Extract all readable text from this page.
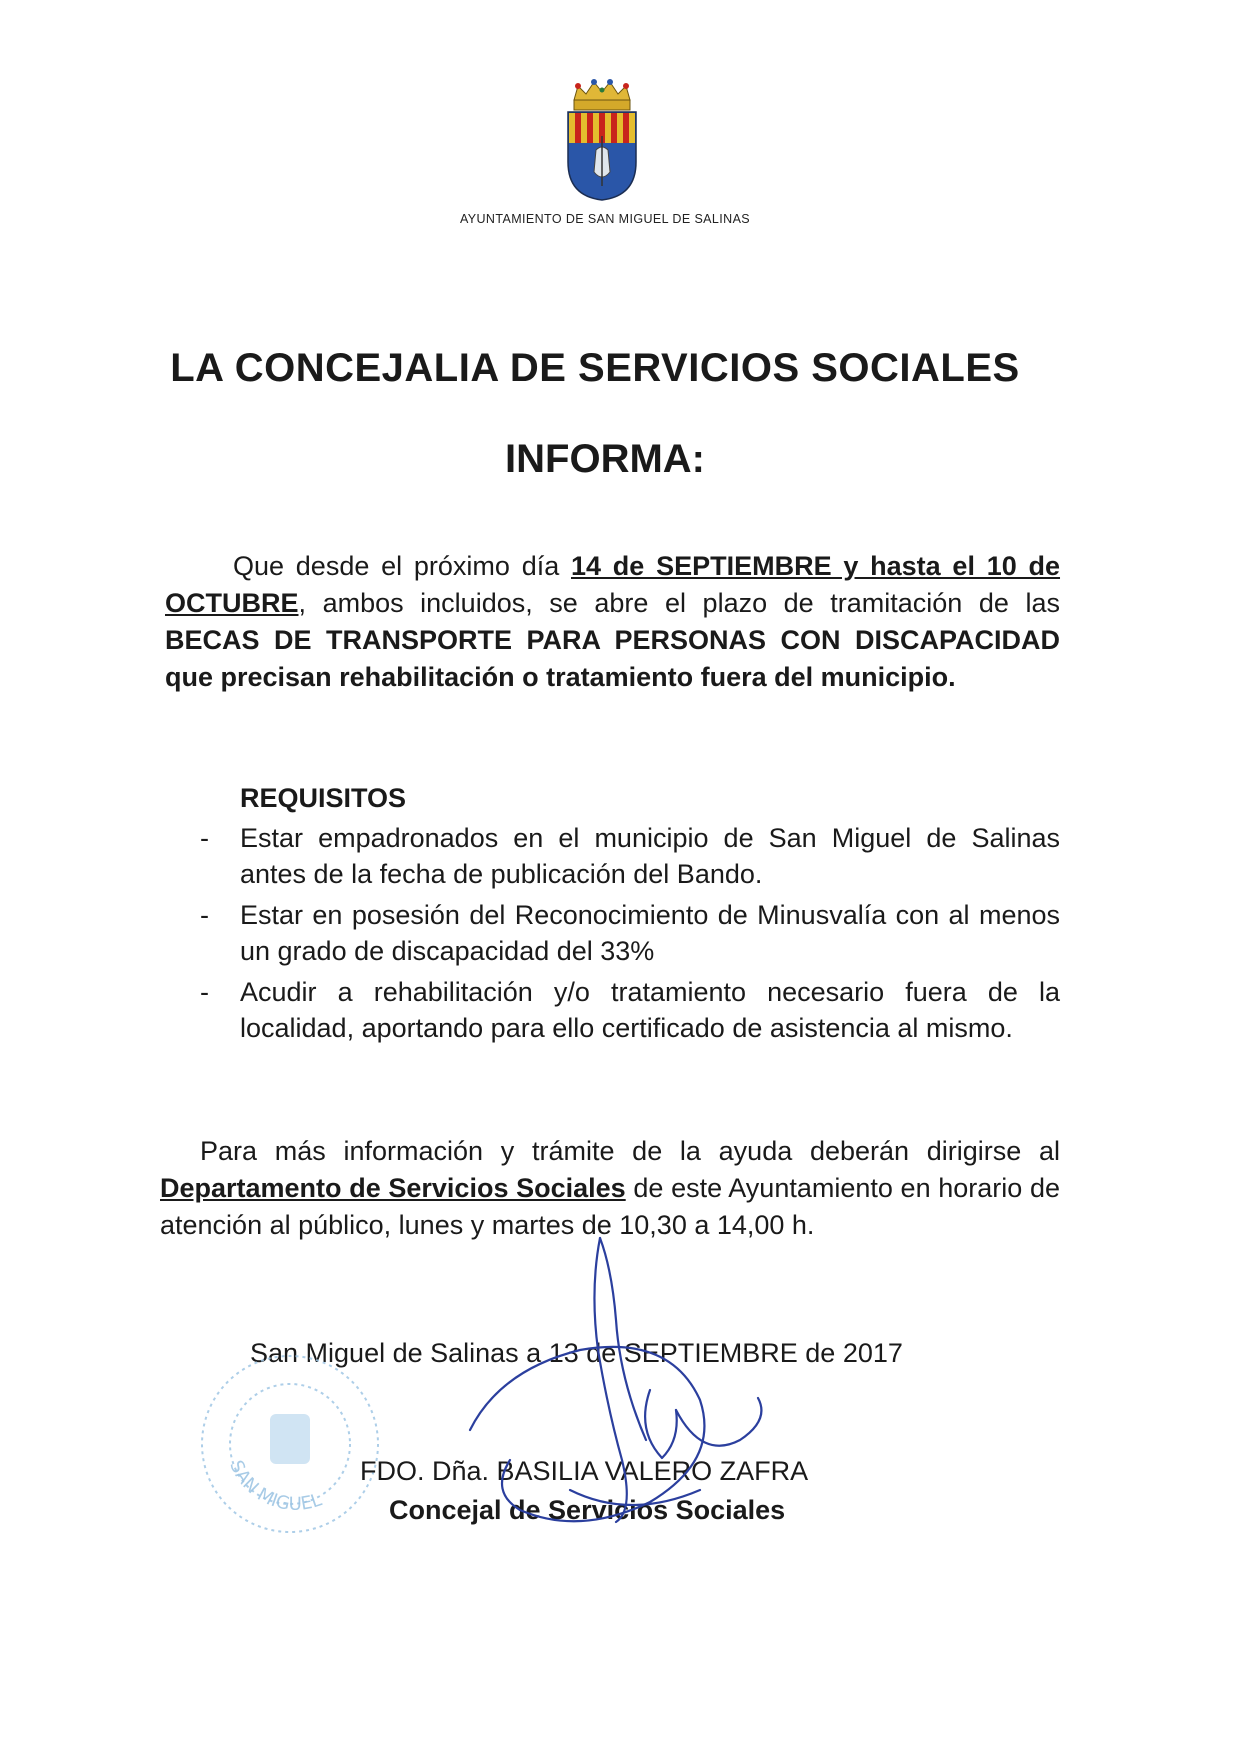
AYUNTAMIENTO DE SAN MIGUEL DE SALINAS
LA CONCEJALIA DE SERVICIOS SOCIALES
INFORMA:

Que desde el próximo día 14 de SEPTIEMBRE y hasta el 10 de OCTUBRE, ambos incluidos, se abre el plazo de tramitación de las BECAS DE TRANSPORTE PARA PERSONAS CON DISCAPACIDAD que precisan rehabilitación o tratamiento fuera del municipio.

REQUISITOS
- Estar empadronados en el municipio de San Miguel de Salinas antes de la fecha de publicación del Bando.
- Estar en posesión del Reconocimiento de Minusvalía con al menos un grado de discapacidad del 33%
- Acudir a rehabilitación y/o tratamiento necesario fuera de la localidad, aportando para ello certificado de asistencia al mismo.

Para más información y trámite de la ayuda deberán dirigirse al Departamento de Servicios Sociales de este Ayuntamiento en horario de atención al público, lunes y martes de 10,30 a 14,00 h.

San Miguel de Salinas a 13 de SEPTIEMBRE de 2017
SAN MIGUEL
FDO. Dña. BASILIA VALERO ZAFRA
Concejal de Servicios Sociales
